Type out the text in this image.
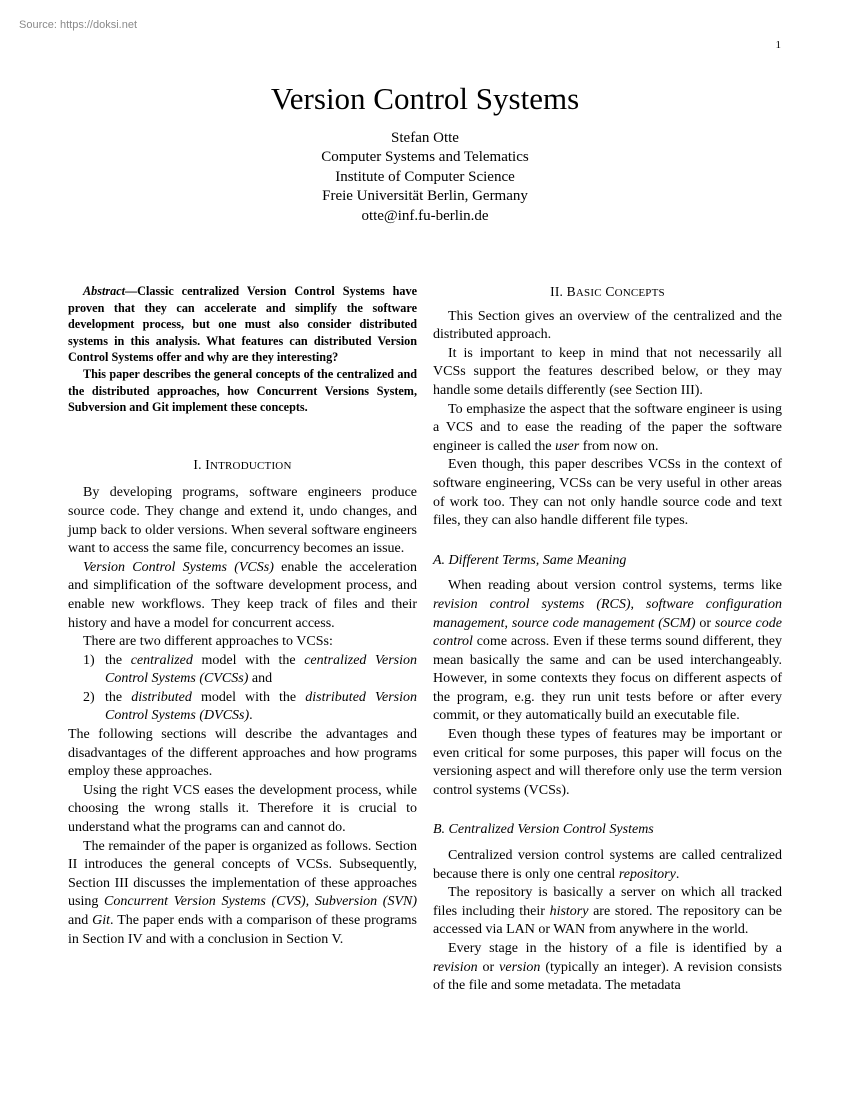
Source: https://doksi.net
1
Version Control Systems
Stefan Otte
Computer Systems and Telematics
Institute of Computer Science
Freie Universität Berlin, Germany
otte@inf.fu-berlin.de

Abstract—Classic centralized Version Control Systems have proven that they can accelerate and simplify the software development process, but one must also consider distributed systems in this analysis. What features can distributed Version Control Systems offer and why are they interesting?

This paper describes the general concepts of the centralized and the distributed approaches, how Concurrent Versions System, Subversion and Git implement these concepts.

I. INTRODUCTION

By developing programs, software engineers produce source code. They change and extend it, undo changes, and jump back to older versions. When several software engineers want to access the same file, concurrency becomes an issue.

Version Control Systems (VCSs) enable the acceleration and simplification of the software development process, and enable new workflows. They keep track of files and their history and have a model for concurrent access.

There are two different approaches to VCSs:

1) the centralized model with the centralized Version Control Systems (CVCSs) and
2) the distributed model with the distributed Version Control Systems (DVCSs).

The following sections will describe the advantages and disadvantages of the different approaches and how programs employ these approaches.

Using the right VCS eases the development process, while choosing the wrong stalls it. Therefore it is crucial to understand what the programs can and cannot do.

The remainder of the paper is organized as follows. Section II introduces the general concepts of VCSs. Subsequently, Section III discusses the implementation of these approaches using Concurrent Version Systems (CVS), Subversion (SVN) and Git. The paper ends with a comparison of these programs in Section IV and with a conclusion in Section V.

II. BASIC CONCEPTS

This Section gives an overview of the centralized and the distributed approach.

It is important to keep in mind that not necessarily all VCSs support the features described below, or they may handle some details differently (see Section III).

To emphasize the aspect that the software engineer is using a VCS and to ease the reading of the paper the software engineer is called the user from now on.

Even though, this paper describes VCSs in the context of software engineering, VCSs can be very useful in other areas of work too. They can not only handle source code and text files, they can also handle different file types.

A. Different Terms, Same Meaning

When reading about version control systems, terms like revision control systems (RCS), software configuration management, source code management (SCM) or source code control come across. Even if these terms sound different, they mean basically the same and can be used interchangeably. However, in some contexts they focus on different aspects of the program, e.g. they run unit tests before or after every commit, or they automatically build an executable file.

Even though these types of features may be important or even critical for some purposes, this paper will focus on the versioning aspect and will therefore only use the term version control systems (VCSs).

B. Centralized Version Control Systems

Centralized version control systems are called centralized because there is only one central repository.

The repository is basically a server on which all tracked files including their history are stored. The repository can be accessed via LAN or WAN from anywhere in the world.

Every stage in the history of a file is identified by a revision or version (typically an integer). A revision consists of the file and some metadata. The metadata
